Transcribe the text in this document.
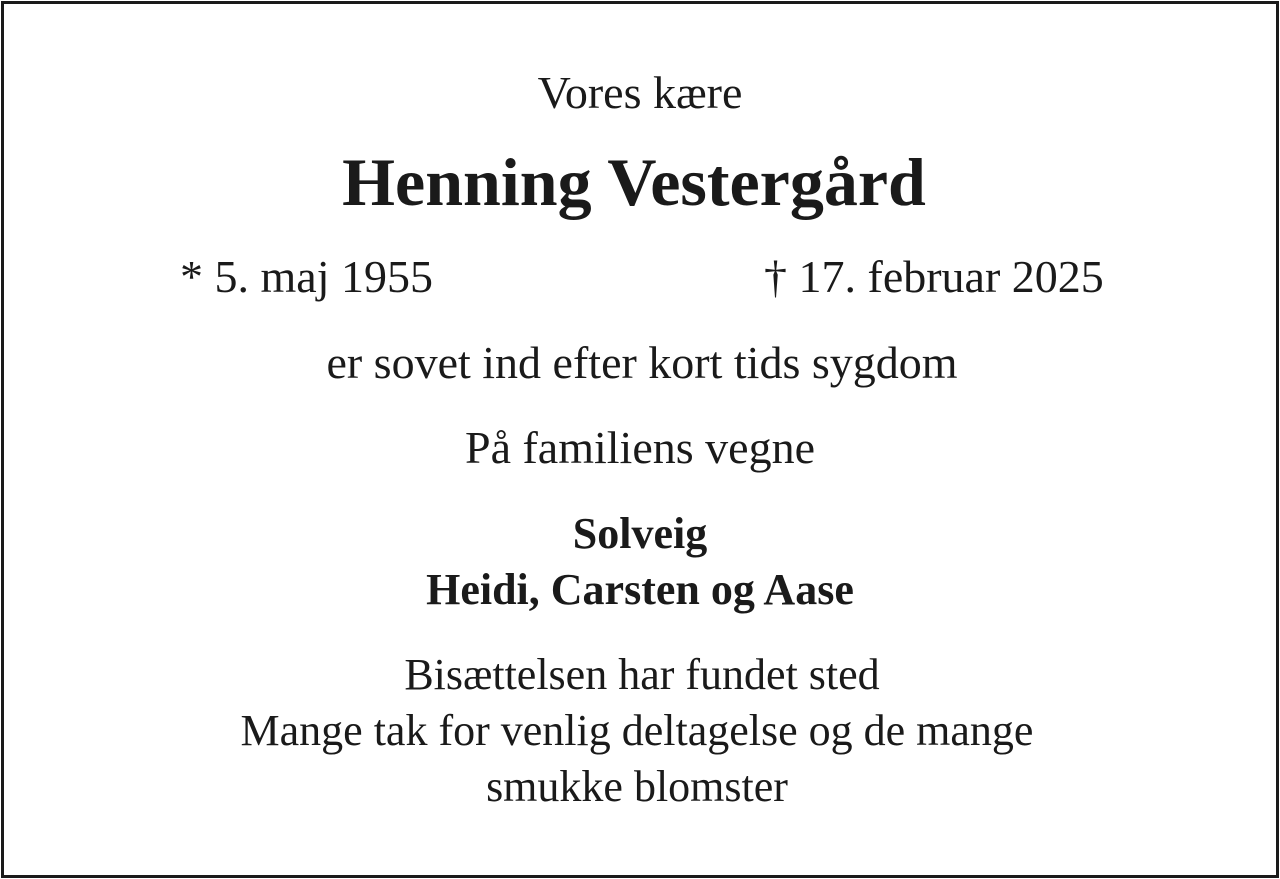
Vores kære
Henning Vestergård
* 5. maj 1955	† 17. februar 2025
er sovet ind efter kort tids sygdom
På familiens vegne
Solveig
Heidi, Carsten og Aase
Bisættelsen har fundet sted
Mange tak for venlig deltagelse og de mange
smukke blomster
